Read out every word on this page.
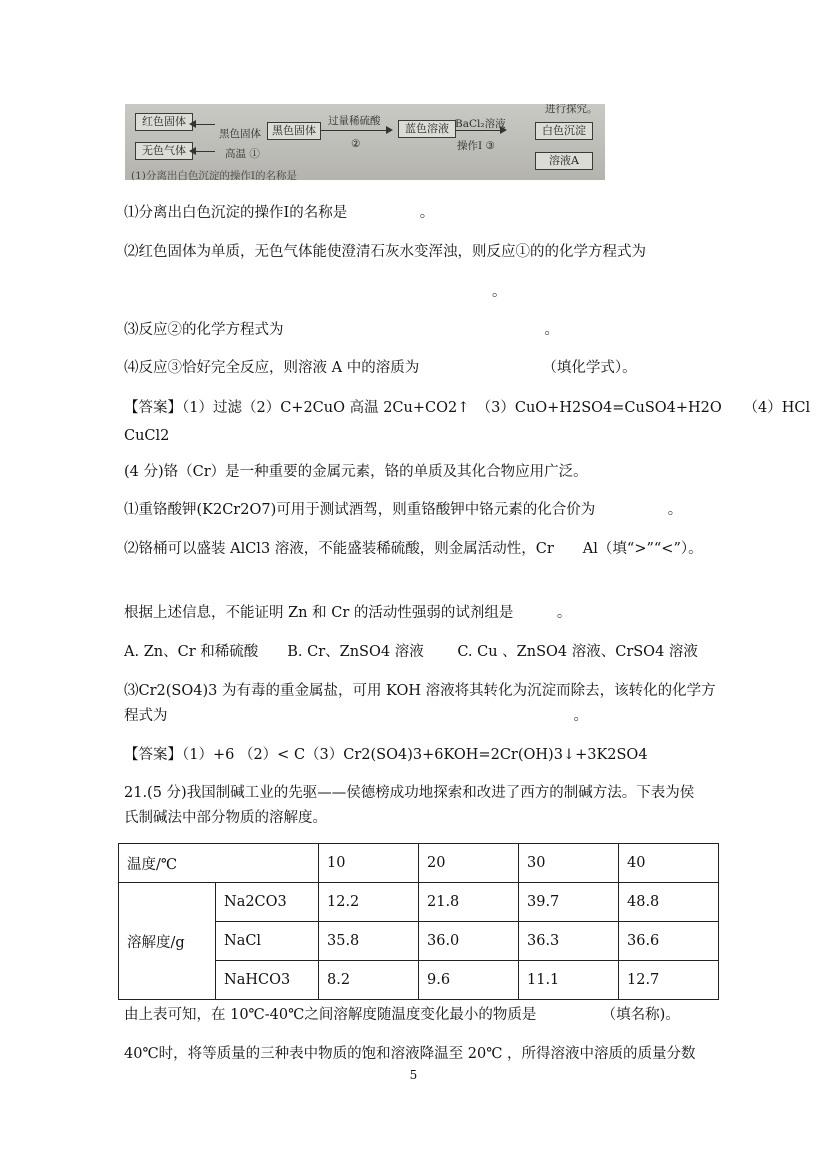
进行探究。
红色固体
无色气体
黑色固体	黑色固体
高温 ①
过量稀硫酸
②
蓝色溶液 BaCl₂溶液
操作Ⅰ ③
白色沉淀
溶液A
(1)分离出白色沉淀的操作Ⅰ的名称是
⑴分离出白色沉淀的操作Ⅰ的名称是　　　　　。
⑵红色固体为单质，无色气体能使澄清石灰水变浑浊，则反应①的的化学方程式为
。
⑶反应②的化学方程式为　　　　　　　　　　　　　　　　　　。
⑷反应③恰好完全反应，则溶液 A 中的溶质为　　　　　　　　　（填化学式）。
【答案】（1）过滤（2）C+2CuO 高温 2Cu+CO2↑　（3）CuO+H2SO4=CuSO4+H2O　　（4）HCl
CuCl2
(4 分)铬（Cr）是一种重要的金属元素，铬的单质及其化合物应用广泛。
⑴重铬酸钾(K2Cr2O7)可用于测试酒驾，则重铬酸钾中铬元素的化合价为　　　　　。
⑵铬桶可以盛装 AlCl3 溶液，不能盛装稀硫酸，则金属活动性，Cr　　Al（填“>”“<”）。
根据上述信息，不能证明 Zn 和 Cr 的活动性强弱的试剂组是　　　。
A. Zn、Cr 和稀硫酸　　B. Cr、ZnSO4 溶液　　 C. Cu 、ZnSO4 溶液、CrSO4 溶液
⑶Cr2(SO4)3 为有毒的重金属盐，可用 KOH 溶液将其转化为沉淀而除去，该转化的化学方
程式为　　　　　　　　　　　　　　　　　　　　　　　　　　　　。
【答案】（1）+6 （2）< C（3）Cr2(SO4)3+6KOH=2Cr(OH)3↓+3K2SO4
21.(5 分)我国制碱工业的先驱——侯德榜成功地探索和改进了西方的制碱方法。下表为侯
氏制碱法中部分物质的溶解度。
温度/℃		10	20	30	40
溶解度/g	Na2CO3	12.2	21.8	39.7	48.8
	NaCl	35.8	36.0	36.3	36.6
	NaHCO3	8.2	9.6	11.1	12.7
由上表可知，在 10℃-40℃之间溶解度随温度变化最小的物质是　　　　　（填名称)。
40℃时，将等质量的三种表中物质的饱和溶液降温至 20℃ ，所得溶液中溶质的质量分数
5
